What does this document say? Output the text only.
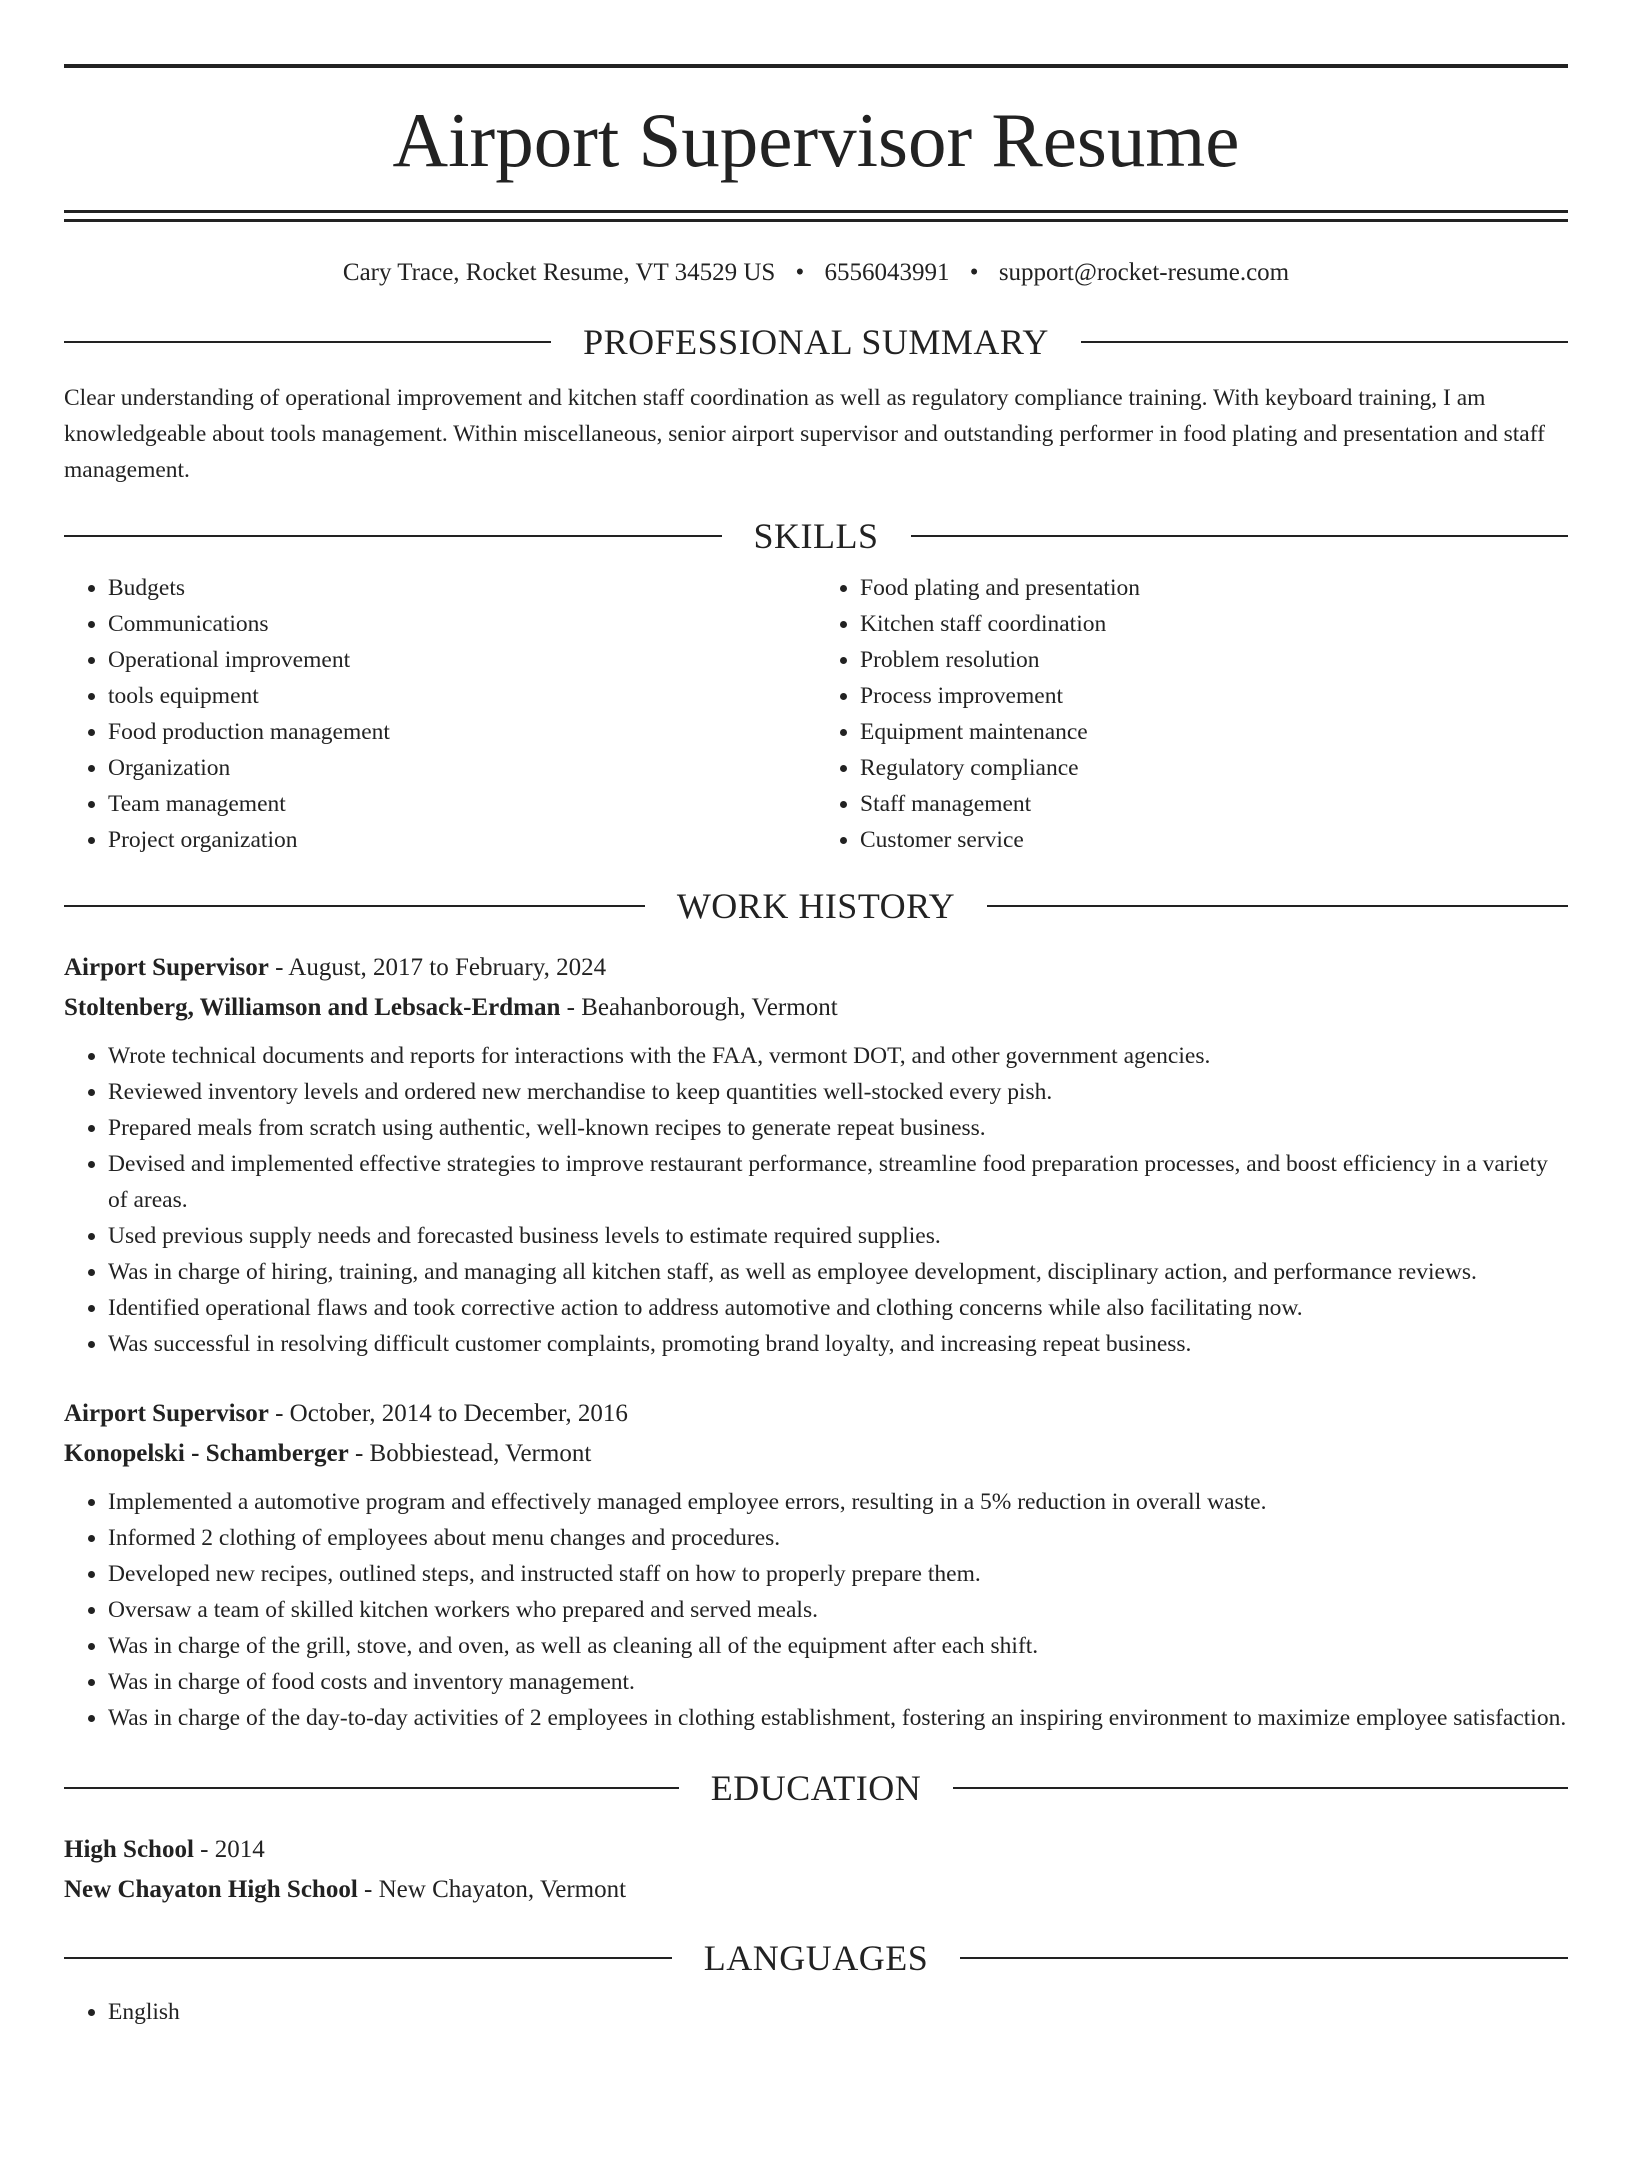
Airport Supervisor Resume
Cary Trace, Rocket Resume, VT 34529 US • 6556043991 • support@rocket-resume.com
PROFESSIONAL SUMMARY

Clear understanding of operational improvement and kitchen staff coordination as well as regulatory compliance training. With keyboard training, I am knowledgeable about tools management. Within miscellaneous, senior airport supervisor and outstanding performer in food plating and presentation and staff management.

SKILLS
• Budgets
• Communications
• Operational improvement
• tools equipment
• Food production management
• Organization
• Team management
• Project organization
• Food plating and presentation
• Kitchen staff coordination
• Problem resolution
• Process improvement
• Equipment maintenance
• Regulatory compliance
• Staff management
• Customer service
WORK HISTORY
Airport Supervisor - August, 2017 to February, 2024
Stoltenberg, Williamson and Lebsack-Erdman - Beahanborough, Vermont
• Wrote technical documents and reports for interactions with the FAA, vermont DOT, and other government agencies.
• Reviewed inventory levels and ordered new merchandise to keep quantities well-stocked every pish.
• Prepared meals from scratch using authentic, well-known recipes to generate repeat business.
• Devised and implemented effective strategies to improve restaurant performance, streamline food preparation processes, and boost efficiency in a variety of areas.
• Used previous supply needs and forecasted business levels to estimate required supplies.
• Was in charge of hiring, training, and managing all kitchen staff, as well as employee development, disciplinary action, and performance reviews.
• Identified operational flaws and took corrective action to address automotive and clothing concerns while also facilitating now.
• Was successful in resolving difficult customer complaints, promoting brand loyalty, and increasing repeat business.
Airport Supervisor - October, 2014 to December, 2016
Konopelski - Schamberger - Bobbiestead, Vermont
• Implemented a automotive program and effectively managed employee errors, resulting in a 5% reduction in overall waste.
• Informed 2 clothing of employees about menu changes and procedures.
• Developed new recipes, outlined steps, and instructed staff on how to properly prepare them.
• Oversaw a team of skilled kitchen workers who prepared and served meals.
• Was in charge of the grill, stove, and oven, as well as cleaning all of the equipment after each shift.
• Was in charge of food costs and inventory management.
• Was in charge of the day-to-day activities of 2 employees in clothing establishment, fostering an inspiring environment to maximize employee satisfaction.
EDUCATION
High School - 2014
New Chayaton High School - New Chayaton, Vermont
LANGUAGES
• English
